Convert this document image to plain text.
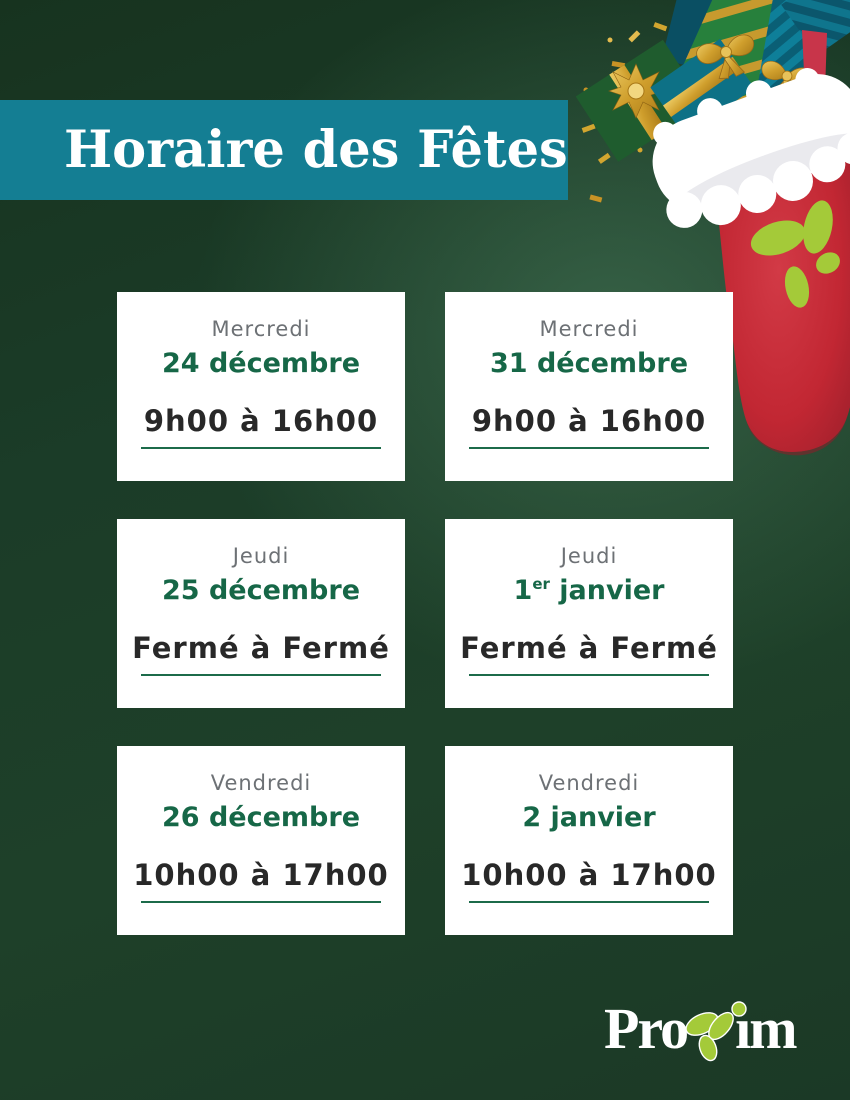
Horaire des Fêtes
Mercredi
24 décembre
9h00 à 16h00
Mercredi
31 décembre
9h00 à 16h00
Jeudi
25 décembre
Fermé à Fermé
Jeudi
1er janvier
Fermé à Fermé
Vendredi
26 décembre
10h00 à 17h00
Vendredi
2 janvier
10h00 à 17h00
Pro ım
